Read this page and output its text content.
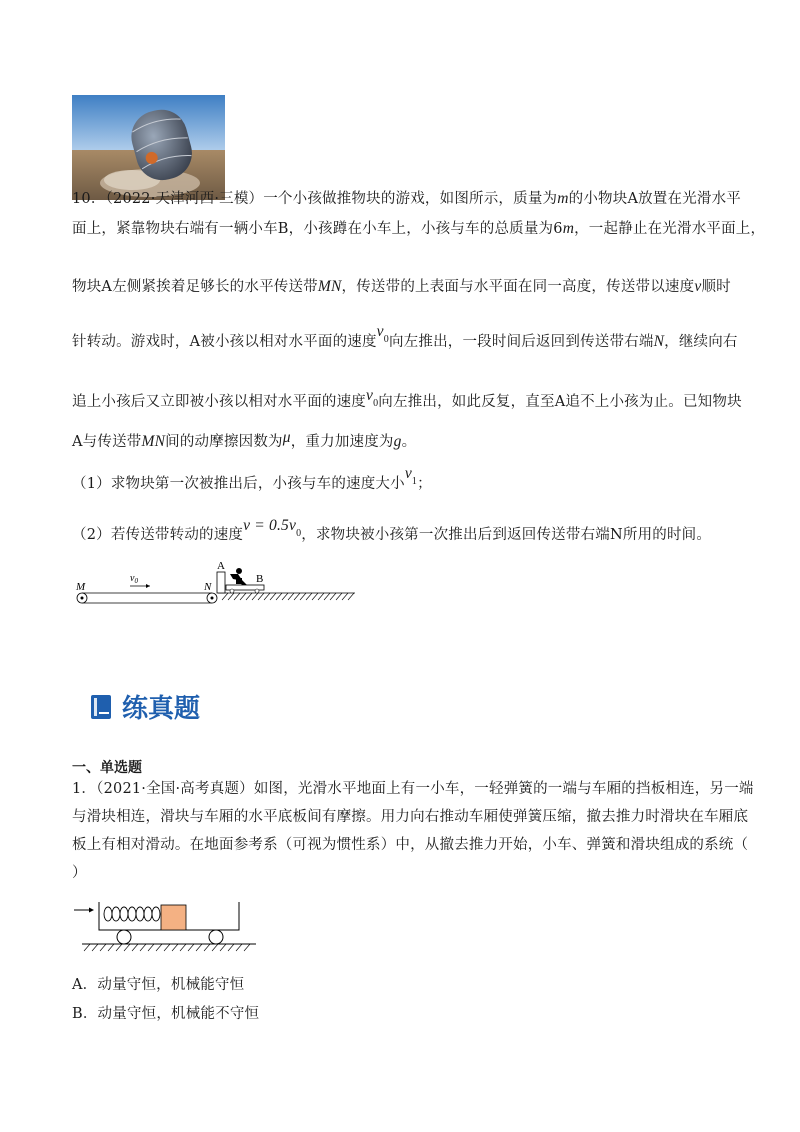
10．（2022·天津河西·三模）一个小孩做推物块的游戏，如图所示，质量为m的小物块A放置在光滑水平
面上，紧靠物块右端有一辆小车B，小孩蹲在小车上，小孩与车的总质量为6m，一起静止在光滑水平面上，
物块A左侧紧挨着足够长的水平传送带MN，传送带的上表面与水平面在同一高度，传送带以速度v顺时
针转动。游戏时，A被小孩以相对水平面的速度$v_0$向左推出，一段时间后返回到传送带右端N，继续向右
追上小孩后又立即被小孩以相对水平面的速度$v_0$向左推出，如此反复，直至A追不上小孩为止。已知物块
A与传送带MN间的动摩擦因数为μ，重力加速度为g。
（1）求物块第一次被推出后，小孩与车的速度大小$v_1$；
（2）若传送带转动的速度$v = 0.5v_0$，求物块被小孩第一次推出后到返回传送带右端N所用的时间。
M	N
$v_0$
A
B
练真题
一、单选题
1．（2021·全国·高考真题）如图，光滑水平地面上有一小车，一轻弹簧的一端与车厢的挡板相连，另一端
与滑块相连，滑块与车厢的水平底板间有摩擦。用力向右推动车厢使弹簧压缩，撤去推力时滑块在车厢底
板上有相对滑动。在地面参考系（可视为惯性系）中，从撤去推力开始，小车、弹簧和滑块组成的系统（
）
A．动量守恒，机械能守恒
B．动量守恒，机械能不守恒
